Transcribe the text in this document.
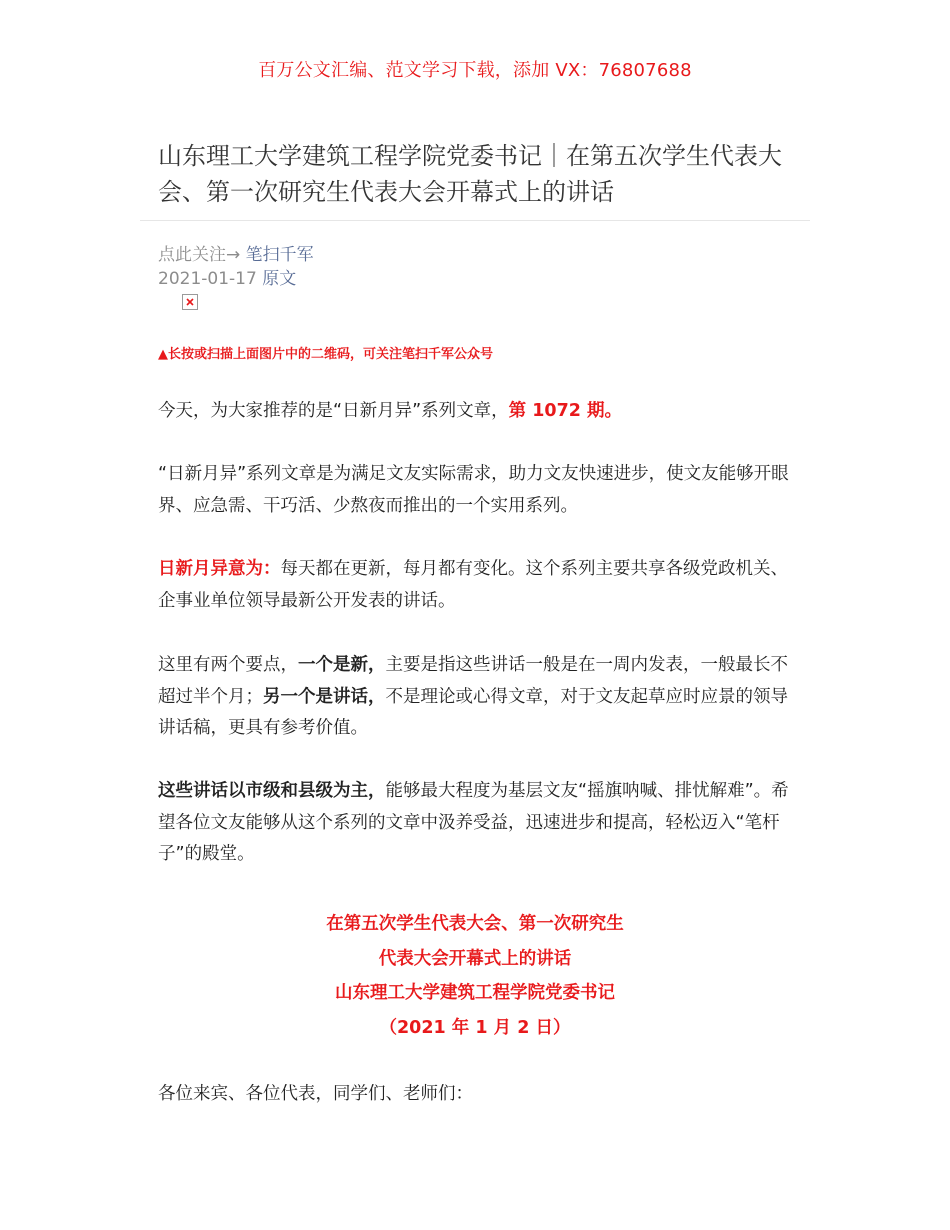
百万公文汇编、范文学习下载，添加 VX：76807688
山东理工大学建筑工程学院党委书记｜在第五次学生代表大会、第一次研究生代表大会开幕式上的讲话
点此关注→ 笔扫千军
2021-01-17 原文
▲长按或扫描上面图片中的二维码，可关注笔扫千军公众号

今天，为大家推荐的是“日新月异”系列文章，第 1072 期。

“日新月异”系列文章是为满足文友实际需求，助力文友快速进步，使文友能够开眼界、应急需、干巧活、少熬夜而推出的一个实用系列。

日新月异意为：每天都在更新，每月都有变化。这个系列主要共享各级党政机关、企事业单位领导最新公开发表的讲话。

这里有两个要点，一个是新，主要是指这些讲话一般是在一周内发表，一般最长不超过半个月；另一个是讲话，不是理论或心得文章，对于文友起草应时应景的领导讲话稿，更具有参考价值。

这些讲话以市级和县级为主，能够最大程度为基层文友“摇旗呐喊、排忧解难”。希望各位文友能够从这个系列的文章中汲养受益，迅速进步和提高，轻松迈入“笔杆子”的殿堂。

在第五次学生代表大会、第一次研究生
代表大会开幕式上的讲话
山东理工大学建筑工程学院党委书记
（2021 年 1 月 2 日）

各位来宾、各位代表，同学们、老师们：
